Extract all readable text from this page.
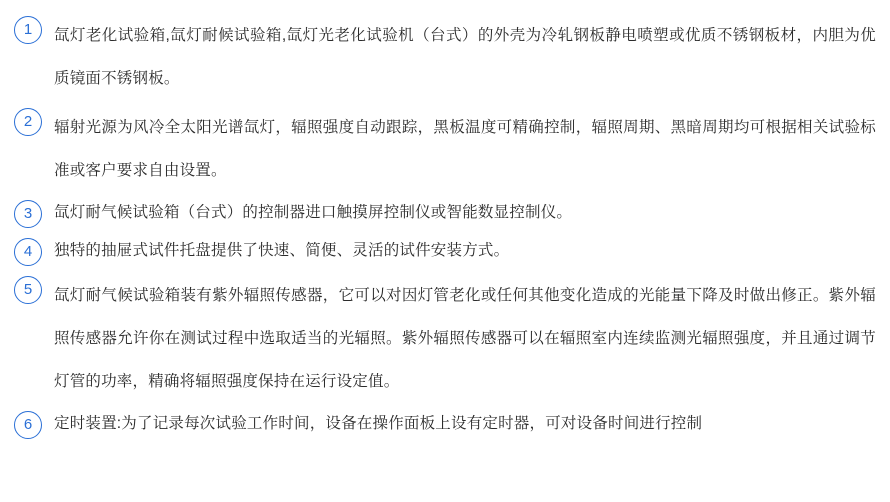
1	氙灯老化试验箱,氙灯耐候试验箱,氙灯光老化试验机（台式）的外壳为冷轧钢板静电喷塑或优质不锈钢板材，内胆为优质镜面不锈钢板。
2	辐射光源为风冷全太阳光谱氙灯，辐照强度自动跟踪，黑板温度可精确控制，辐照周期、黑暗周期均可根据相关试验标准或客户要求自由设置。
3	氙灯耐气候试验箱（台式）的控制器进口触摸屏控制仪或智能数显控制仪。
4	独特的抽屉式试件托盘提供了快速、简便、灵活的试件安装方式。
5	氙灯耐气候试验箱装有紫外辐照传感器，它可以对因灯管老化或任何其他变化造成的光能量下降及时做出修正。紫外辐照传感器允许你在测试过程中选取适当的光辐照。紫外辐照传感器可以在辐照室内连续监测光辐照强度，并且通过调节灯管的功率，精确将辐照强度保持在运行设定值。
6	定时装置:为了记录每次试验工作时间，设备在操作面板上设有定时器，可对设备时间进行控制
